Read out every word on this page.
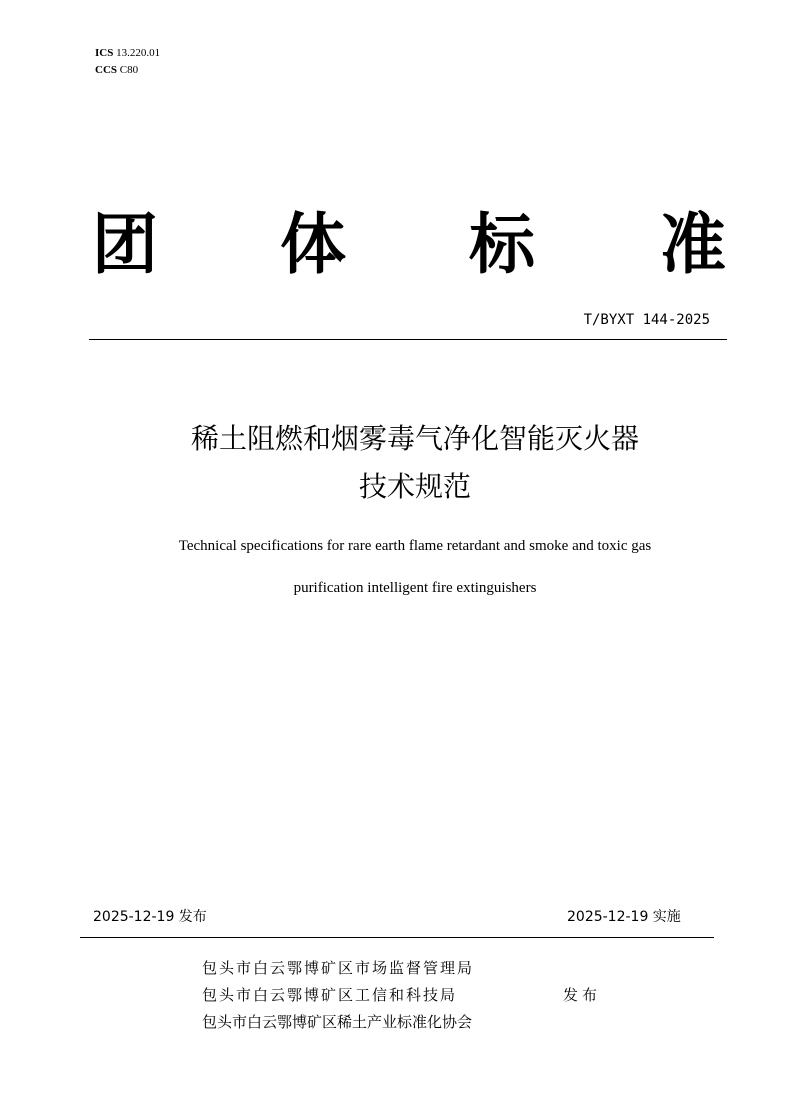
ICS 13.220.01
CCS C80
团 体 标 准
T/BYXT 144-2025
稀土阻燃和烟雾毒气净化智能灭火器
技术规范
Technical specifications for rare earth flame retardant and smoke and toxic gas
purification intelligent fire extinguishers
2025-12-19 发布	2025-12-19 实施
包头市白云鄂博矿区市场监督管理局
包头市白云鄂博矿区工信和科技局
包头市白云鄂博矿区稀土产业标准化协会
发布
